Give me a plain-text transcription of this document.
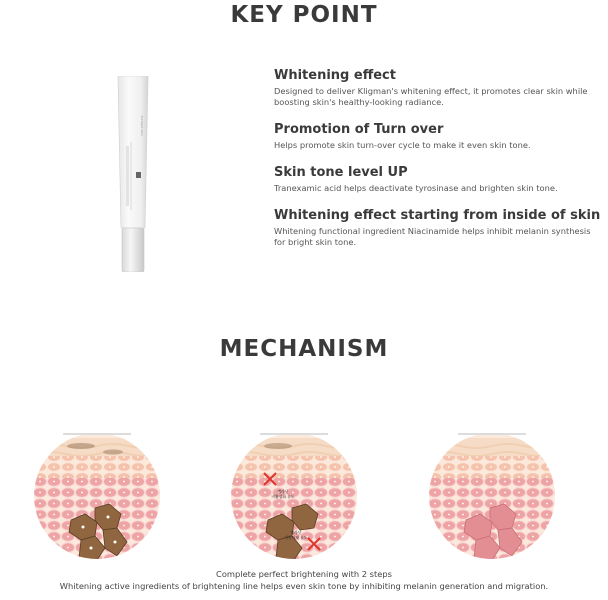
KEY POINT
Purifiant Skin
Whitening effect

Designed to deliver Kligman's whitening effect, it promotes clear skin while boosting skin's healthy-looking radiance.

Promotion of Turn over

Helps promote skin turn-over cycle to make it even skin tone.

Skin tone level UP

Tranexamic acid helps deactivate tyrosinase and brighten skin tone.

Whitening effect starting from inside of skin

Whitening functional ingredient Niacinamide helps inhibit melanin synthesis for bright skin tone.

MECHANISM
멜라닌
비활성화 유도
멜라닌
이동억제 유도
Complete perfect brightening with 2 steps
Whitening active ingredients of brightening line helps even skin tone by inhibiting melanin generation and migration.
